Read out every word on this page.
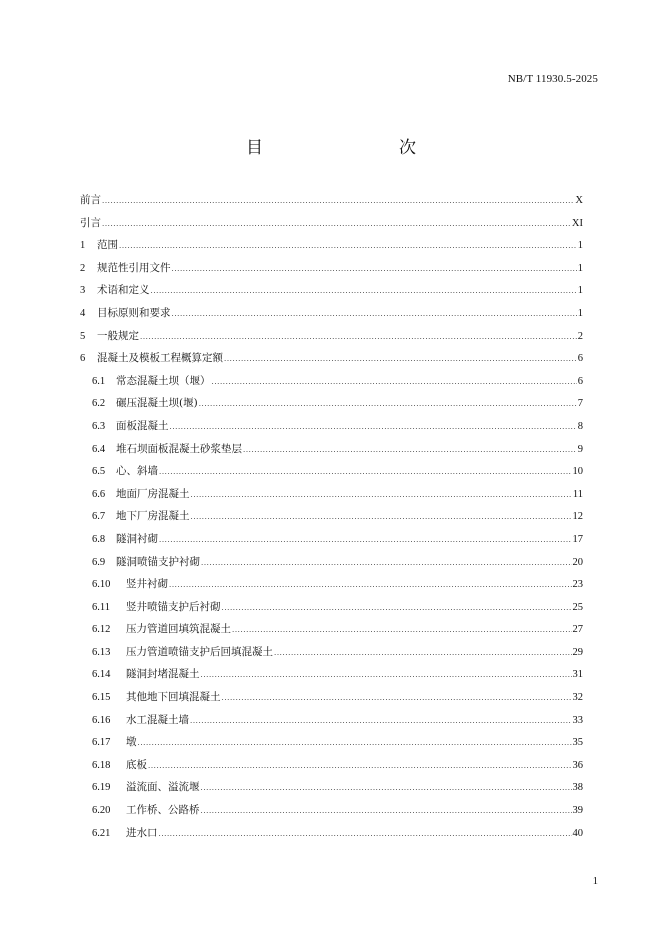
NB/T 11930.5-2025
目　　次
前言 .....	X
引言 .....	XI
1	范围 .....	1
2	规范性引用文件 .....	1
3	术语和定义 .....	1
4	目标原则和要求 .....	1
5	一般规定 .....	2
6	混凝土及模板工程概算定额 .....	6
6.1	常态混凝土坝（堰） .....	6
6.2	碾压混凝土坝(堰) .....	7
6.3	面板混凝土 .....	8
6.4	堆石坝面板混凝土砂浆垫层 .....	9
6.5	心、斜墙 .....	10
6.6	地面厂房混凝土 .....	11
6.7	地下厂房混凝土 .....	12
6.8	隧洞衬砌 .....	17
6.9	隧洞喷锚支护衬砌 .....	20
6.10	竖井衬砌 .....	23
6.11	竖井喷锚支护后衬砌 .....	25
6.12	压力管道回填筑混凝土 .....	27
6.13	压力管道喷锚支护后回填混凝土 .....	29
6.14	隧洞封堵混凝土 .....	31
6.15	其他地下回填混凝土 .....	32
6.16	水工混凝土墙 .....	33
6.17	墩 .....	35
6.18	底板 .....	36
6.19	溢流面、溢流堰 .....	38
6.20	工作桥、公路桥 .....	39
6.21	进水口 .....	40
1
